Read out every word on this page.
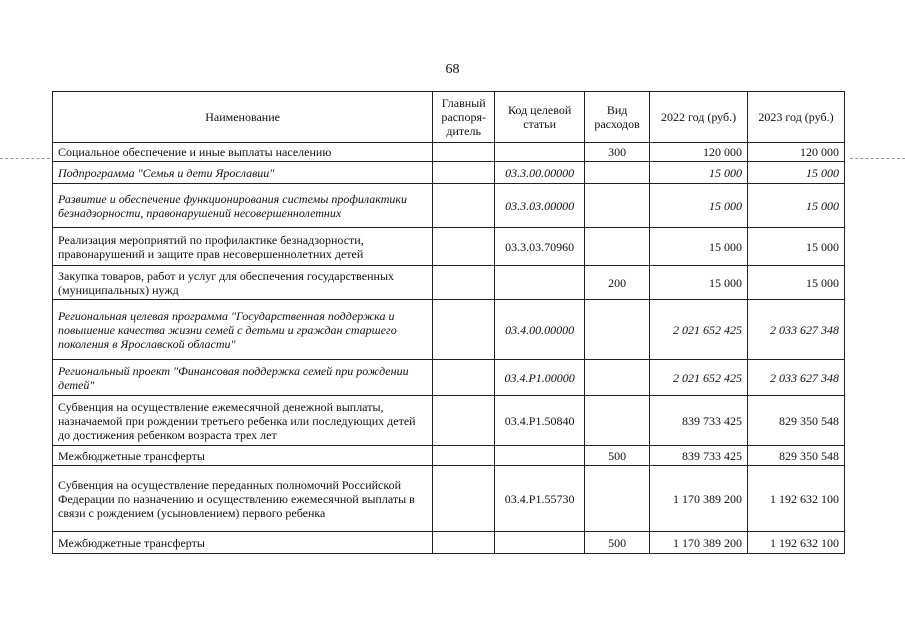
68
Наименование	Главный распоря-дитель	Код целевой статьи	Вид расходов	2022 год (руб.)	2023 год (руб.)
Социальное обеспечение и иные выплаты населению			300	120 000	120 000
Подпрограмма "Семья и дети Ярославии"		03.3.00.00000		15 000	15 000
Развитие и обеспечение функционирования системы профилактики безнадзорности, правонарушений несовершеннолетних		03.3.03.00000		15 000	15 000
Реализация мероприятий по профилактике безнадзорности, правонарушений и защите прав несовершеннолетних детей		03.3.03.70960		15 000	15 000
Закупка товаров, работ и услуг для обеспечения государственных (муниципальных) нужд			200	15 000	15 000
Региональная целевая программа "Государственная поддержка и повышение качества жизни семей с детьми и граждан старшего поколения в Ярославской области"		03.4.00.00000		2 021 652 425	2 033 627 348
Региональный проект "Финансовая поддержка семей при рождении детей"		03.4.P1.00000		2 021 652 425	2 033 627 348
Субвенция на осуществление ежемесячной денежной выплаты, назначаемой при рождении третьего ребенка или последующих детей до достижения ребенком возраста трех лет		03.4.P1.50840		839 733 425	829 350 548
Межбюджетные трансферты			500	839 733 425	829 350 548
Субвенция на осуществление переданных полномочий Российской Федерации по назначению и осуществлению ежемесячной выплаты в связи с рождением (усыновлением) первого ребенка		03.4.P1.55730		1 170 389 200	1 192 632 100
Межбюджетные трансферты			500	1 170 389 200	1 192 632 100
